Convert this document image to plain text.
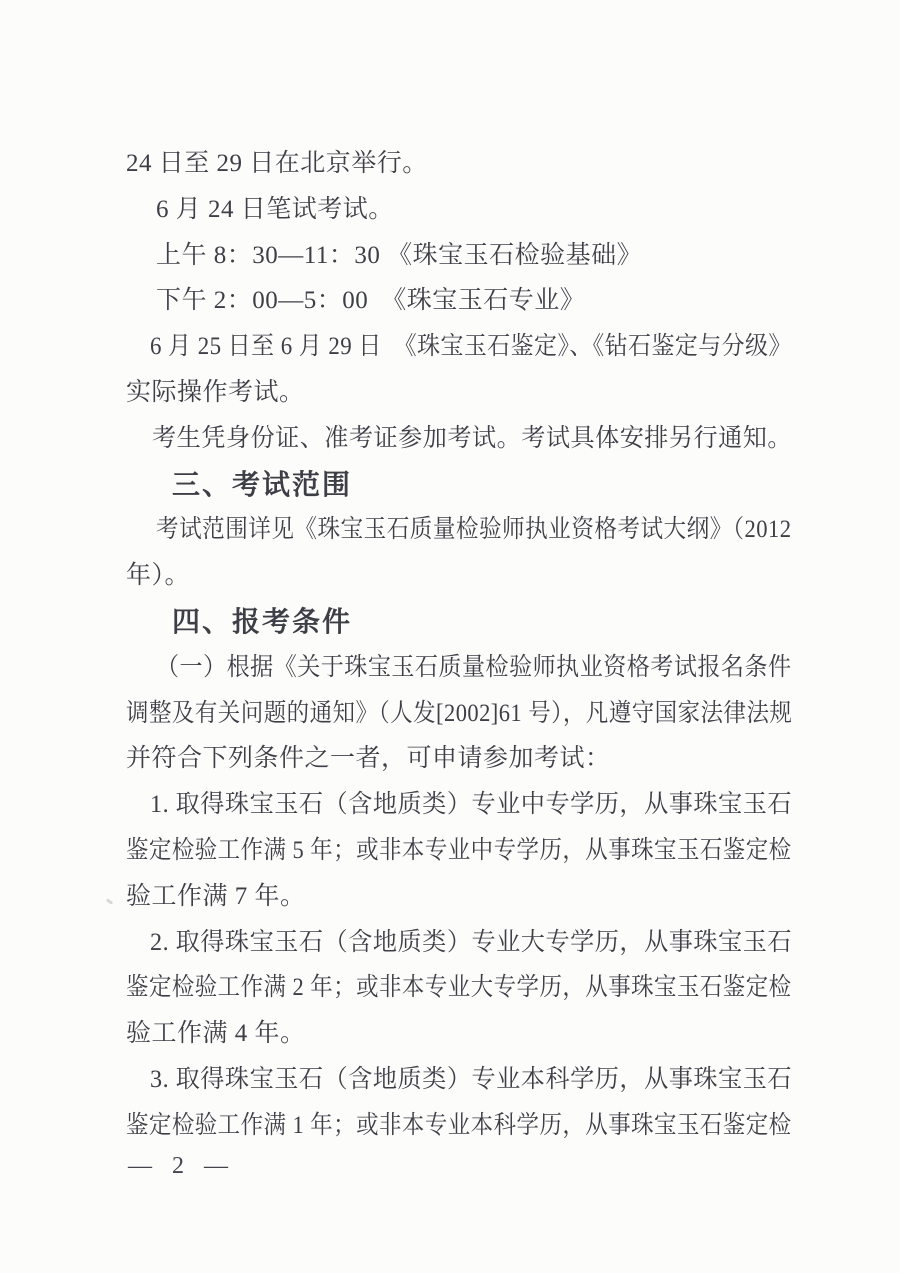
24 日至 29 日在北京举行。
6 月 24 日笔试考试。
上午 8：30—11：30 《珠宝玉石检验基础》
下午 2：00—5：00　《珠宝玉石专业》
6 月 25 日至 6 月 29 日　《珠宝玉石鉴定》、《钻石鉴定与分级》
实际操作考试。
考生凭身份证、准考证参加考试。考试具体安排另行通知。
三、考试范围
考试范围详见《珠宝玉石质量检验师执业资格考试大纲》（2012
年）。
四、报考条件
（一）根据《关于珠宝玉石质量检验师执业资格考试报名条件
调整及有关问题的通知》（人发[2002]61 号），凡遵守国家法律法规
并符合下列条件之一者，可申请参加考试：
1. 取得珠宝玉石（含地质类）专业中专学历，从事珠宝玉石
鉴定检验工作满 5 年；或非本专业中专学历，从事珠宝玉石鉴定检
验工作满 7 年。
2. 取得珠宝玉石（含地质类）专业大专学历，从事珠宝玉石
鉴定检验工作满 2 年；或非本专业大专学历，从事珠宝玉石鉴定检
验工作满 4 年。
3. 取得珠宝玉石（含地质类）专业本科学历，从事珠宝玉石
鉴定检验工作满 1 年；或非本专业本科学历，从事珠宝玉石鉴定检
— 2 —
